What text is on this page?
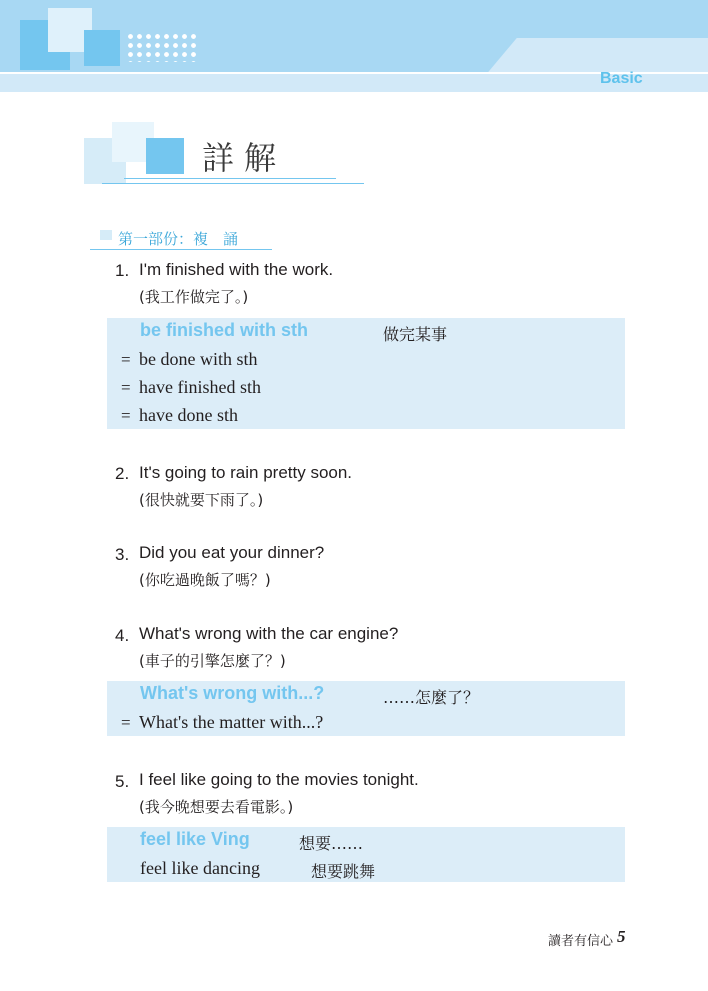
Basic
詳解
第一部份：複　誦
1. I'm finished with the work.
(我工作做完了。)
be finished with sth	做完某事
= be done with sth
= have finished sth
= have done sth
2. It's going to rain pretty soon.
(很快就要下雨了。)
3. Did you eat your dinner?
(你吃過晚飯了嗎？)
4. What's wrong with the car engine?
(車子的引擎怎麼了？)
What's wrong with...?	……怎麼了？
= What's the matter with...?
5. I feel like going to the movies tonight.
(我今晚想要去看電影。)
feel like Ving	想要……
feel like dancing	想要跳舞
讀者有信心 5
